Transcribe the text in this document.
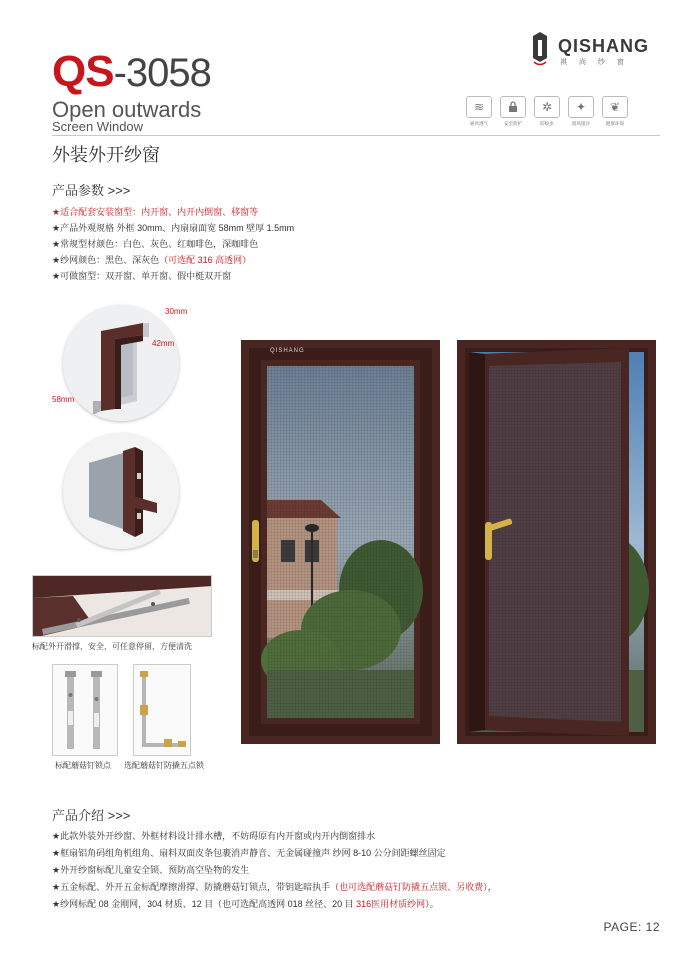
QS-3058
Open outwards
Screen Window
外装外开纱窗
QISHANG
祺 尚 纱 窗
≋
通风透气	安全防护
✲
防蚊虫
✦
阻风阻沙
❦
健康环保
产品参数 >>>
★适合配套安装窗型：内开窗、内开内倒窗、移窗等
★产品外观规格 外框 30mm、内扇扇面宽 58mm 壁厚 1.5mm
★常规型材颜色：白色、灰色、红咖啡色，深咖啡色
★纱网颜色：黑色、深灰色（可选配 316 高透网）
★可做窗型：双开窗、单开窗、假中梃双开窗
30mm
42mm
58mm
标配外开滑撑，安全，可任意停留，方便清洗
标配蘑菇钉锁点 选配蘑菇钉防撬五点锁
QISHANG
产品介绍 >>>
★此款外装外开纱窗、外框材料设计排水槽，不妨碍原有内开窗或内开内倒窗排水
★框扇铝角码组角机组角、扇料双面皮条包裹消声静音、无金属碰撞声 纱网 8-10 公分间距螺丝固定
★外开纱窗标配儿童安全锁、预防高空坠物的发生
★五金标配、外开五金标配摩擦滑撑、防撬蘑菇钉锁点，带钥匙暗执手（也可选配蘑菇钉防撬五点锁、另收费），
★纱网标配 08 金刚网，304 材质、12 目（也可选配高透网 018 丝径、20 目 316医用材质纱网）。
PAGE: 12
